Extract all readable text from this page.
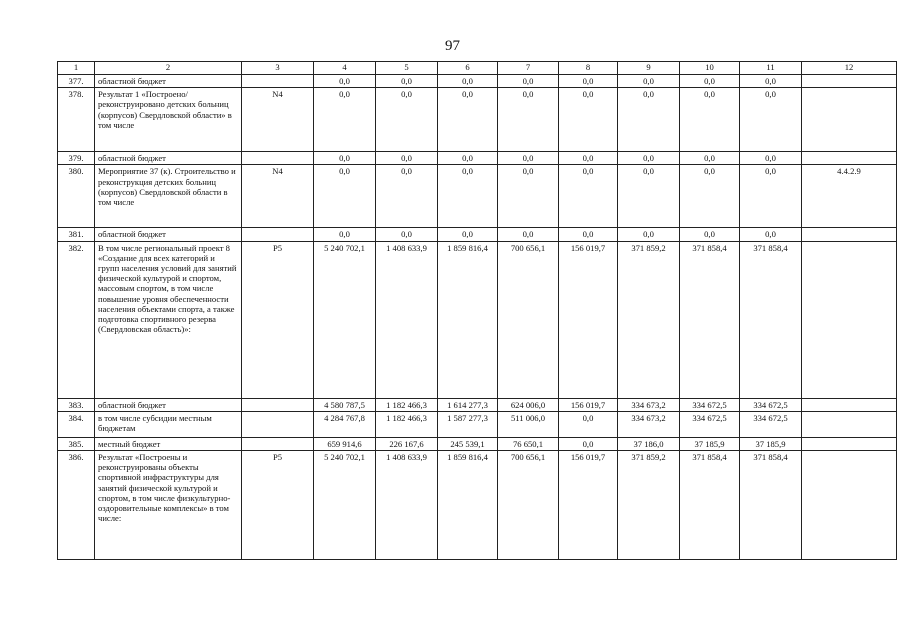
97
1	2	3	4	5	6	7	8	9	10	11	12
377.	областной бюджет		0,0	0,0	0,0	0,0	0,0	0,0	0,0	0,0	
378.	Результат 1 «Построено/реконструировано детских больниц (корпусов) Свердловской области» в том числе	N4	0,0	0,0	0,0	0,0	0,0	0,0	0,0	0,0	
379.	областной бюджет		0,0	0,0	0,0	0,0	0,0	0,0	0,0	0,0	
380.	Мероприятие 37 (к). Строительство и реконструкция детских больниц (корпусов) Свердловской области в том числе	N4	0,0	0,0	0,0	0,0	0,0	0,0	0,0	0,0	4.4.2.9
381.	областной бюджет		0,0	0,0	0,0	0,0	0,0	0,0	0,0	0,0	
382.	В том числе региональный проект 8 «Создание для всех категорий и групп населения условий для занятий физической культурой и спортом, массовым спортом, в том числе повышение уровня обеспеченности населения объектами спорта, а также подготовка спортивного резерва (Свердловская область)»:	P5	5 240 702,1	1 408 633,9	1 859 816,4	700 656,1	156 019,7	371 859,2	371 858,4	371 858,4	
383.	областной бюджет		4 580 787,5	1 182 466,3	1 614 277,3	624 006,0	156 019,7	334 673,2	334 672,5	334 672,5	
384.	в том числе субсидии местным бюджетам		4 284 767,8	1 182 466,3	1 587 277,3	511 006,0	0,0	334 673,2	334 672,5	334 672,5	
385.	местный бюджет		659 914,6	226 167,6	245 539,1	76 650,1	0,0	37 186,0	37 185,9	37 185,9	
386.	Результат «Построены и реконструированы объекты спортивной инфраструктуры для занятий физической культурой и спортом, в том числе физкультурно-оздоровительные комплексы» в том числе:	P5	5 240 702,1	1 408 633,9	1 859 816,4	700 656,1	156 019,7	371 859,2	371 858,4	371 858,4	
